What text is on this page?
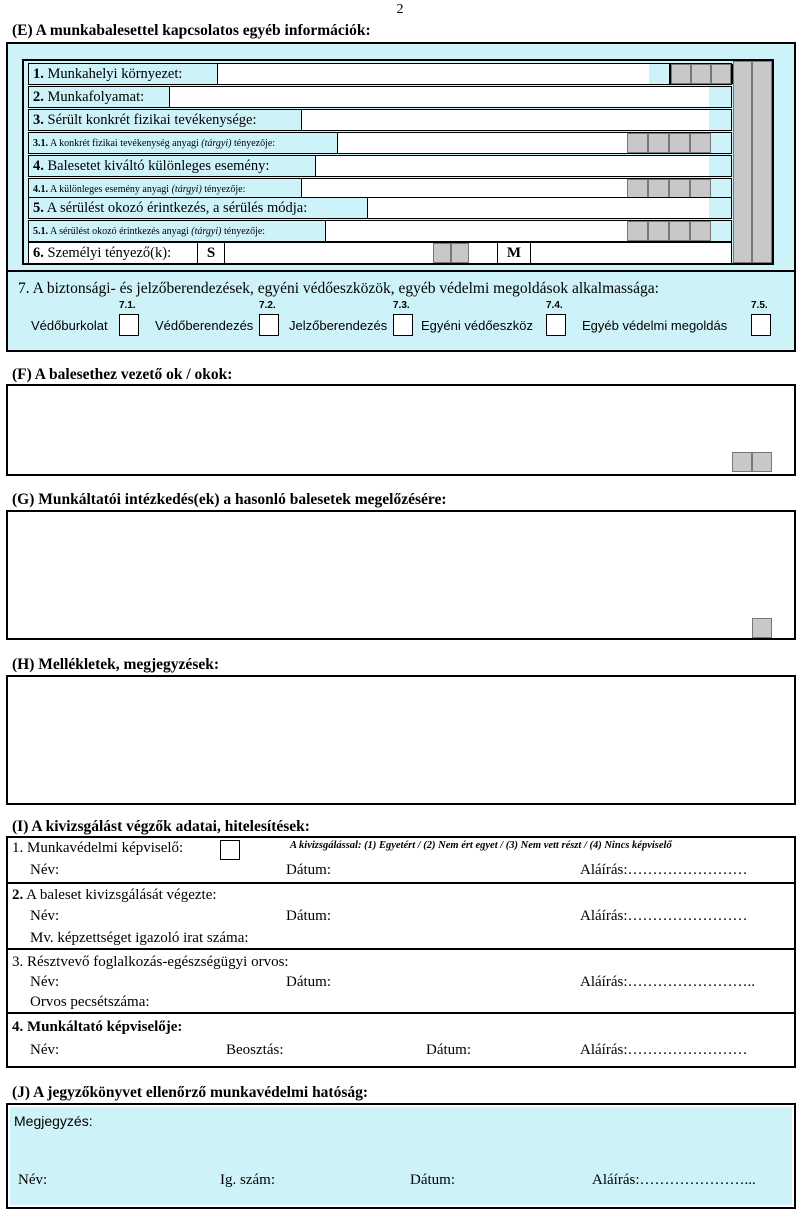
2
(E) A munkabalesettel kapcsolatos egyéb információk:
1. Munkahelyi környezet:
2. Munkafolyamat:
3. Sérült konkrét fizikai tevékenysége:
3.1. A konkrét fizikai tevékenység anyagi (tárgyi) tényezője:
4. Balesetet kiváltó különleges esemény:
4.1. A különleges esemény anyagi (tárgyi) tényezője:
5. A sérülést okozó érintkezés, a sérülés módja:
5.1. A sérülést okozó érintkezés anyagi (tárgyi) tényezője:
6. Személyi tényező(k):	S	M
7. A biztonsági- és jelzőberendezések, egyéni védőeszközök, egyéb védelmi megoldások alkalmassága:
7.1.
Védőburkolat
7.2.
Védőberendezés
7.3.
Jelzőberendezés
7.4.
Egyéni védőeszköz
7.5.
Egyéb védelmi megoldás
(F) A balesethez vezető ok / okok:
(G) Munkáltatói intézkedés(ek) a hasonló balesetek megelőzésére:
(H) Mellékletek, megjegyzések:
(I) A kivizsgálást végzők adatai, hitelesítések:
1. Munkavédelmi képviselő:	A kivizsgálással: (1) Egyetért / (2) Nem ért egyet / (3) Nem vett részt / (4) Nincs képviselő
Név:	Dátum:	Aláírás:……………………
2. A baleset kivizsgálását végezte:
Név:	Dátum:	Aláírás:……………………
Mv. képzettséget igazoló irat száma:
3. Résztvevő foglalkozás-egészségügyi orvos:
Név:	Dátum:	Aláírás:……………………..
Orvos pecsétszáma:
4. Munkáltató képviselője:
Név:	Beosztás:	Dátum:	Aláírás:……………………
(J) A jegyzőkönyvet ellenőrző munkavédelmi hatóság:
Megjegyzés:
Név:	Ig. szám:	Dátum:	Aláírás:…………………...
